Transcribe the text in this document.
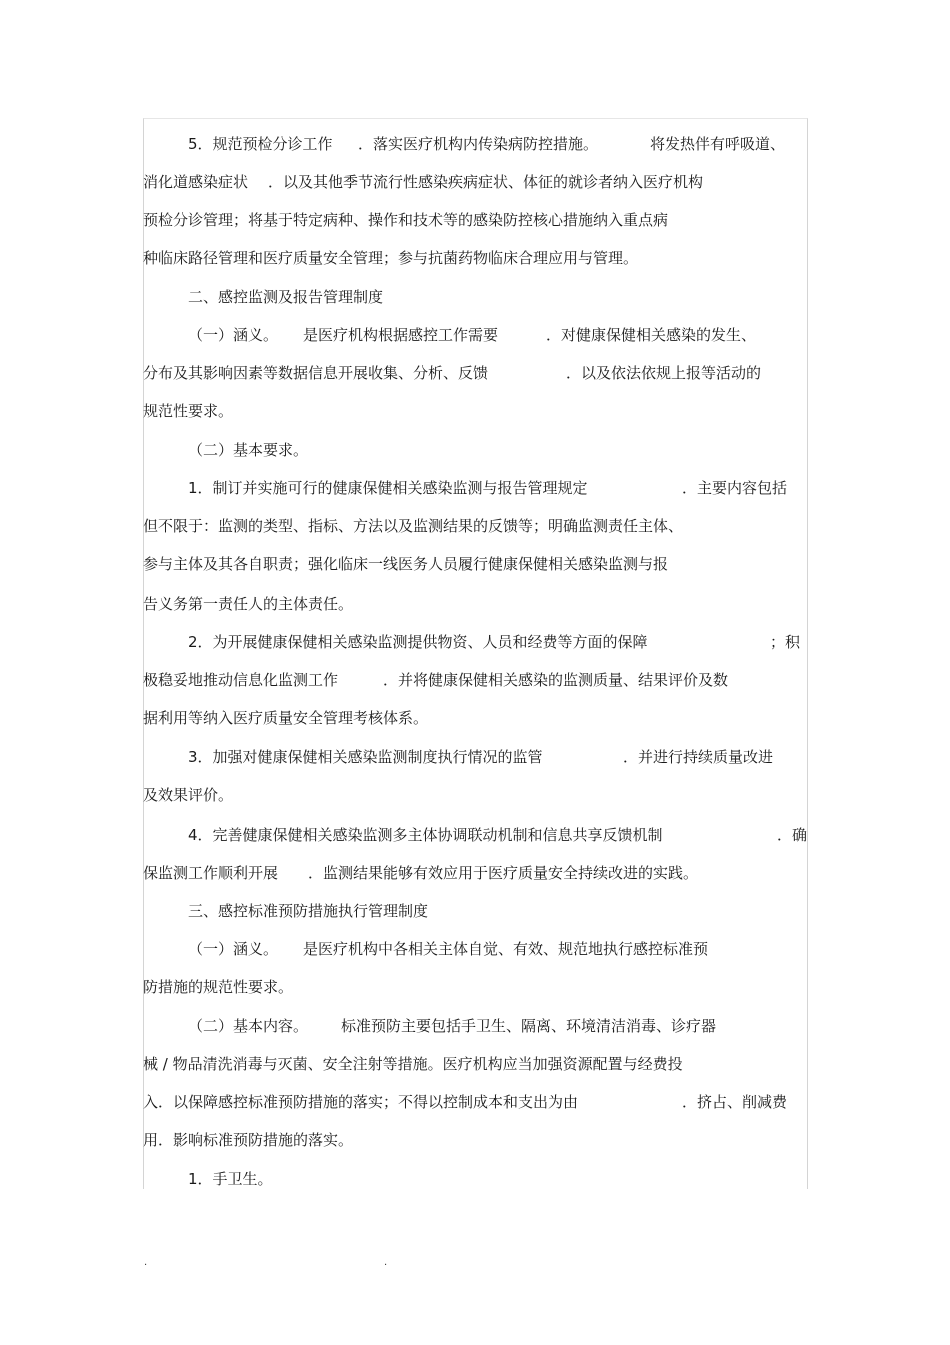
5．规范预检分诊工作 ．落实医疗机构内传染病防控措施。	将发热伴有呼吸道、
消化道感染症状 ．以及其他季节流行性感染疾病症状、体征的就诊者纳入医疗机构
预检分诊管理；将基于特定病种、操作和技术等的感染防控核心措施纳入重点病
种临床路径管理和医疗质量安全管理；参与抗菌药物临床合理应用与管理。
二、感控监测及报告管理制度
（一）涵义。 是医疗机构根据感控工作需要	．对健康保健相关感染的发生、
分布及其影响因素等数据信息开展收集、分析、反馈	．以及依法依规上报等活动的
规范性要求。
（二）基本要求。
1．制订并实施可行的健康保健相关感染监测与报告管理规定	．主要内容包括
但不限于：监测的类型、指标、方法以及监测结果的反馈等；明确监测责任主体、
参与主体及其各自职责；强化临床一线医务人员履行健康保健相关感染监测与报
告义务第一责任人的主体责任。
2．为开展健康保健相关感染监测提供物资、人员和经费等方面的保障	；积
极稳妥地推动信息化监测工作	．并将健康保健相关感染的监测质量、结果评价及数
据利用等纳入医疗质量安全管理考核体系。
3．加强对健康保健相关感染监测制度执行情况的监管	．并进行持续质量改进
及效果评价。
4．完善健康保健相关感染监测多主体协调联动机制和信息共享反馈机制	．确
保监测工作顺利开展 ．监测结果能够有效应用于医疗质量安全持续改进的实践。
三、感控标准预防措施执行管理制度
（一）涵义。 是医疗机构中各相关主体自觉、有效、规范地执行感控标准预
防措施的规范性要求。
（二）基本内容。 标准预防主要包括手卫生、隔离、环境清洁消毒、诊疗器
械 / 物品清洗消毒与灭菌、安全注射等措施。医疗机构应当加强资源配置与经费投
入．以保障感控标准预防措施的落实；不得以控制成本和支出为由	．挤占、削减费
用．影响标准预防措施的落实。
1．手卫生。
.	.
